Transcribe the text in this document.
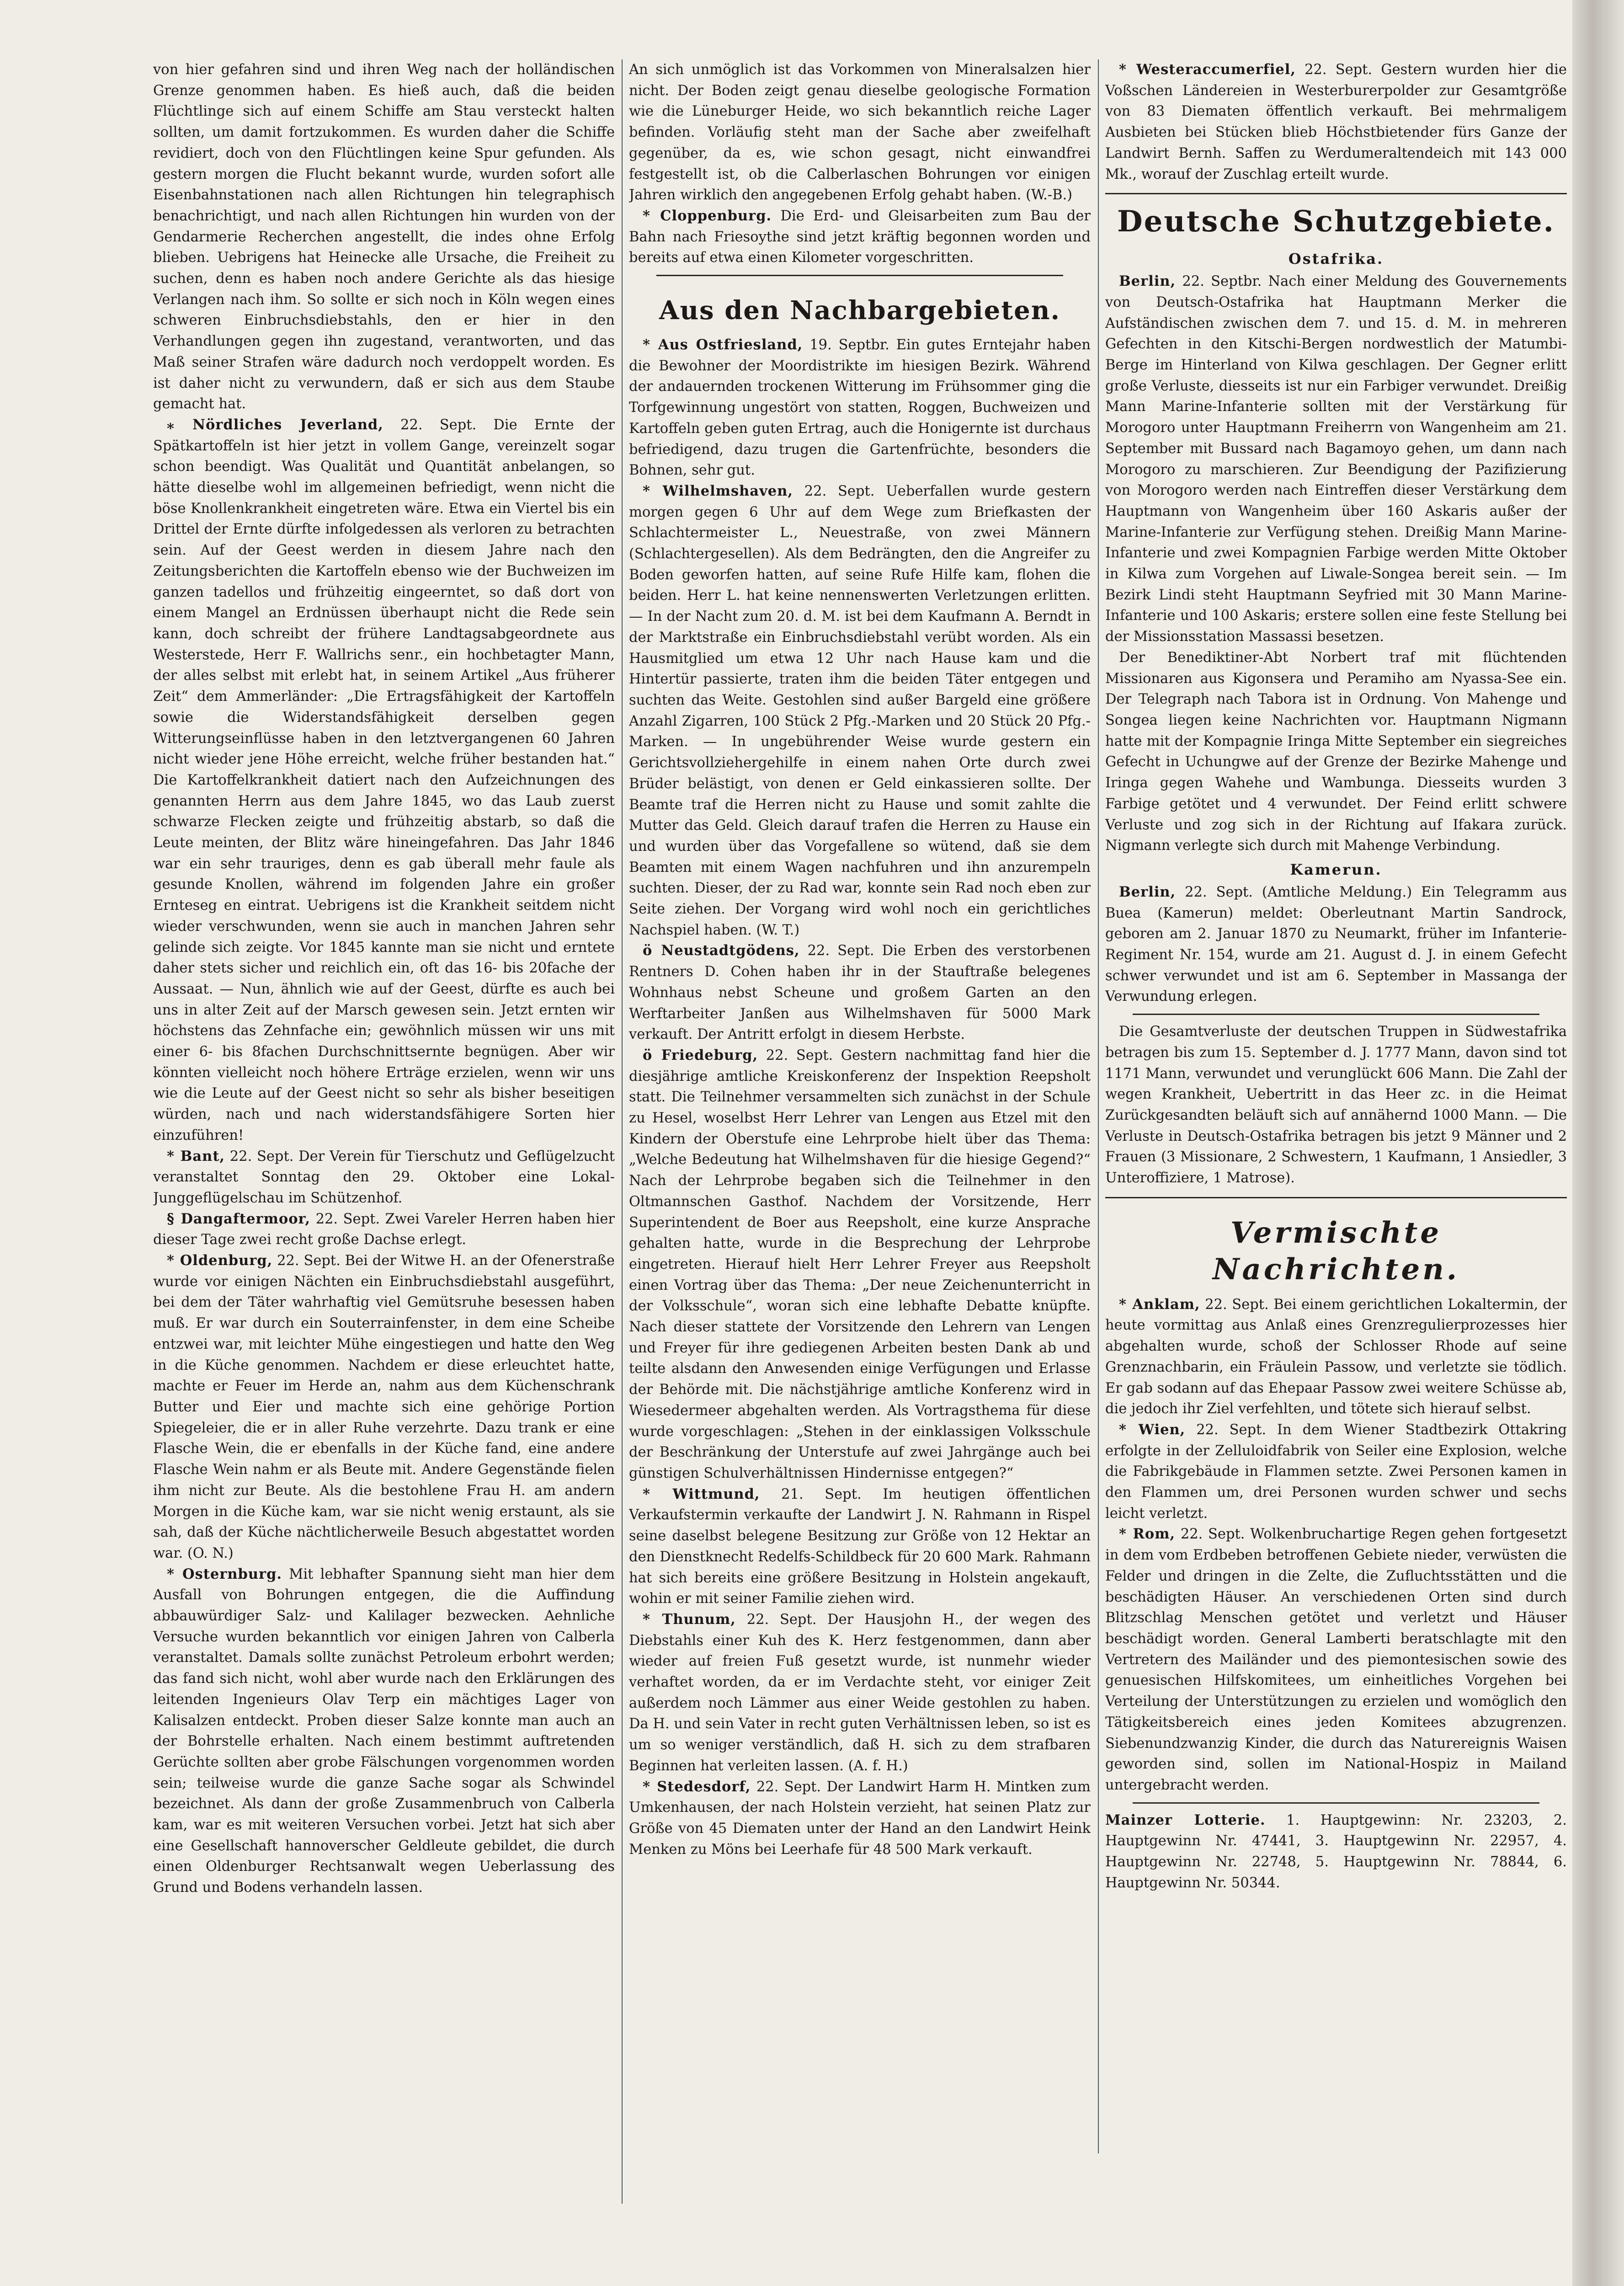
von hier gefahren sind und ihren Weg nach der holländischen Grenze genommen haben. Es hieß auch, daß die beiden Flüchtlinge sich auf einem Schiffe am Stau versteckt halten sollten, um damit fortzukommen. Es wurden daher die Schiffe revidiert, doch von den Flüchtlingen keine Spur gefunden. Als gestern morgen die Flucht bekannt wurde, wurden sofort alle Eisenbahnstationen nach allen Richtungen hin telegraphisch benachrichtigt, und nach allen Richtungen hin wurden von der Gendarmerie Recherchen angestellt, die indes ohne Erfolg blieben. Uebrigens hat Heinecke alle Ursache, die Freiheit zu suchen, denn es haben noch andere Gerichte als das hiesige Verlangen nach ihm. So sollte er sich noch in Köln wegen eines schweren Einbruchsdiebstahls, den er hier in den Verhandlungen gegen ihn zugestand, verantworten, und das Maß seiner Strafen wäre dadurch noch verdoppelt worden. Es ist daher nicht zu verwundern, daß er sich aus dem Staube gemacht hat.

⁎ Nördliches Jeverland, 22. Sept. Die Ernte der Spätkartoffeln ist hier jetzt in vollem Gange, vereinzelt sogar schon beendigt. Was Qualität und Quantität anbelangen, so hätte dieselbe wohl im allgemeinen befriedigt, wenn nicht die böse Knollenkrankheit eingetreten wäre. Etwa ein Viertel bis ein Drittel der Ernte dürfte infolgedessen als verloren zu betrachten sein. Auf der Geest werden in diesem Jahre nach den Zeitungsberichten die Kartoffeln ebenso wie der Buchweizen im ganzen tadellos und frühzeitig eingeerntet, so daß dort von einem Mangel an Erdnüssen überhaupt nicht die Rede sein kann, doch schreibt der frühere Landtagsabgeordnete aus Westerstede, Herr F. Wallrichs senr., ein hochbetagter Mann, der alles selbst mit erlebt hat, in seinem Artikel „Aus früherer Zeit“ dem Ammerländer: „Die Ertragsfähigkeit der Kartoffeln sowie die Widerstandsfähigkeit derselben gegen Witterungseinflüsse haben in den letztvergangenen 60 Jahren nicht wieder jene Höhe erreicht, welche früher bestanden hat.“ Die Kartoffelkrankheit datiert nach den Aufzeichnungen des genannten Herrn aus dem Jahre 1845, wo das Laub zuerst schwarze Flecken zeigte und frühzeitig abstarb, so daß die Leute meinten, der Blitz wäre hineingefahren. Das Jahr 1846 war ein sehr trauriges, denn es gab überall mehr faule als gesunde Knollen, während im folgenden Jahre ein großer Ernteseg en eintrat. Uebrigens ist die Krankheit seitdem nicht wieder verschwunden, wenn sie auch in manchen Jahren sehr gelinde sich zeigte. Vor 1845 kannte man sie nicht und erntete daher stets sicher und reichlich ein, oft das 16- bis 20fache der Aussaat. — Nun, ähnlich wie auf der Geest, dürfte es auch bei uns in alter Zeit auf der Marsch gewesen sein. Jetzt ernten wir höchstens das Zehnfache ein; gewöhnlich müssen wir uns mit einer 6- bis 8fachen Durchschnittsernte begnügen. Aber wir könnten vielleicht noch höhere Erträge erzielen, wenn wir uns wie die Leute auf der Geest nicht so sehr als bisher beseitigen würden, nach und nach widerstandsfähigere Sorten hier einzuführen!

* Bant, 22. Sept. Der Verein für Tierschutz und Geflügelzucht veranstaltet Sonntag den 29. Oktober eine Lokal-Junggeflügelschau im Schützenhof.

§ Dangaftermoor, 22. Sept. Zwei Vareler Herren haben hier dieser Tage zwei recht große Dachse erlegt.

* Oldenburg, 22. Sept. Bei der Witwe H. an der Ofenerstraße wurde vor einigen Nächten ein Einbruchsdiebstahl ausgeführt, bei dem der Täter wahrhaftig viel Gemütsruhe besessen haben muß. Er war durch ein Souterrainfenster, in dem eine Scheibe entzwei war, mit leichter Mühe eingestiegen und hatte den Weg in die Küche genommen. Nachdem er diese erleuchtet hatte, machte er Feuer im Herde an, nahm aus dem Küchenschrank Butter und Eier und machte sich eine gehörige Portion Spiegeleier, die er in aller Ruhe verzehrte. Dazu trank er eine Flasche Wein, die er ebenfalls in der Küche fand, eine andere Flasche Wein nahm er als Beute mit. Andere Gegenstände fielen ihm nicht zur Beute. Als die bestohlene Frau H. am andern Morgen in die Küche kam, war sie nicht wenig erstaunt, als sie sah, daß der Küche nächtlicherweile Besuch abgestattet worden war. (O. N.)

* Osternburg. Mit lebhafter Spannung sieht man hier dem Ausfall von Bohrungen entgegen, die die Auffindung abbauwürdiger Salz- und Kalilager bezwecken. Aehnliche Versuche wurden bekanntlich vor einigen Jahren von Calberla veranstaltet. Damals sollte zunächst Petroleum erbohrt werden; das fand sich nicht, wohl aber wurde nach den Erklärungen des leitenden Ingenieurs Olav Terp ein mächtiges Lager von Kalisalzen entdeckt. Proben dieser Salze konnte man auch an der Bohrstelle erhalten. Nach einem bestimmt auftretenden Gerüchte sollten aber grobe Fälschungen vorgenommen worden sein; teilweise wurde die ganze Sache sogar als Schwindel bezeichnet. Als dann der große Zusammenbruch von Calberla kam, war es mit weiteren Versuchen vorbei. Jetzt hat sich aber eine Gesellschaft hannoverscher Geldleute gebildet, die durch einen Oldenburger Rechtsanwalt wegen Ueberlassung des Grund und Bodens verhandeln lassen.

An sich unmöglich ist das Vorkommen von Mineralsalzen hier nicht. Der Boden zeigt genau dieselbe geologische Formation wie die Lüneburger Heide, wo sich bekanntlich reiche Lager befinden. Vorläufig steht man der Sache aber zweifelhaft gegenüber, da es, wie schon gesagt, nicht einwandfrei festgestellt ist, ob die Calberlaschen Bohrungen vor einigen Jahren wirklich den angegebenen Erfolg gehabt haben. (W.-B.)

* Cloppenburg. Die Erd- und Gleisarbeiten zum Bau der Bahn nach Friesoythe sind jetzt kräftig begonnen worden und bereits auf etwa einen Kilometer vorgeschritten.

Aus den Nachbargebieten.

* Aus Ostfriesland, 19. Septbr. Ein gutes Erntejahr haben die Bewohner der Moordistrikte im hiesigen Bezirk. Während der andauernden trockenen Witterung im Frühsommer ging die Torfgewinnung ungestört von statten, Roggen, Buchweizen und Kartoffeln geben guten Ertrag, auch die Honigernte ist durchaus befriedigend, dazu trugen die Gartenfrüchte, besonders die Bohnen, sehr gut.

* Wilhelmshaven, 22. Sept. Ueberfallen wurde gestern morgen gegen 6 Uhr auf dem Wege zum Briefkasten der Schlachtermeister L., Neuestraße, von zwei Männern (Schlachtergesellen). Als dem Bedrängten, den die Angreifer zu Boden geworfen hatten, auf seine Rufe Hilfe kam, flohen die beiden. Herr L. hat keine nennenswerten Verletzungen erlitten. — In der Nacht zum 20. d. M. ist bei dem Kaufmann A. Berndt in der Marktstraße ein Einbruchsdiebstahl verübt worden. Als ein Hausmitglied um etwa 12 Uhr nach Hause kam und die Hintertür passierte, traten ihm die beiden Täter entgegen und suchten das Weite. Gestohlen sind außer Bargeld eine größere Anzahl Zigarren, 100 Stück 2 Pfg.-Marken und 20 Stück 20 Pfg.-Marken. — In ungebührender Weise wurde gestern ein Gerichtsvollziehergehilfe in einem nahen Orte durch zwei Brüder belästigt, von denen er Geld einkassieren sollte. Der Beamte traf die Herren nicht zu Hause und somit zahlte die Mutter das Geld. Gleich darauf trafen die Herren zu Hause ein und wurden über das Vorgefallene so wütend, daß sie dem Beamten mit einem Wagen nachfuhren und ihn anzurempeln suchten. Dieser, der zu Rad war, konnte sein Rad noch eben zur Seite ziehen. Der Vorgang wird wohl noch ein gerichtliches Nachspiel haben. (W. T.)

ö Neustadtgödens, 22. Sept. Die Erben des verstorbenen Rentners D. Cohen haben ihr in der Stauftraße belegenes Wohnhaus nebst Scheune und großem Garten an den Werftarbeiter Janßen aus Wilhelmshaven für 5000 Mark verkauft. Der Antritt erfolgt in diesem Herbste.

ö Friedeburg, 22. Sept. Gestern nachmittag fand hier die diesjährige amtliche Kreiskonferenz der Inspektion Reepsholt statt. Die Teilnehmer versammelten sich zunächst in der Schule zu Hesel, woselbst Herr Lehrer van Lengen aus Etzel mit den Kindern der Oberstufe eine Lehrprobe hielt über das Thema: „Welche Bedeutung hat Wilhelmshaven für die hiesige Gegend?“ Nach der Lehrprobe begaben sich die Teilnehmer in den Oltmannschen Gasthof. Nachdem der Vorsitzende, Herr Superintendent de Boer aus Reepsholt, eine kurze Ansprache gehalten hatte, wurde in die Besprechung der Lehrprobe eingetreten. Hierauf hielt Herr Lehrer Freyer aus Reepsholt einen Vortrag über das Thema: „Der neue Zeichenunterricht in der Volksschule“, woran sich eine lebhafte Debatte knüpfte. Nach dieser stattete der Vorsitzende den Lehrern van Lengen und Freyer für ihre gediegenen Arbeiten besten Dank ab und teilte alsdann den Anwesenden einige Verfügungen und Erlasse der Behörde mit. Die nächstjährige amtliche Konferenz wird in Wiesedermeer abgehalten werden. Als Vortragsthema für diese wurde vorgeschlagen: „Stehen in der einklassigen Volksschule der Beschränkung der Unterstufe auf zwei Jahrgänge auch bei günstigen Schulverhältnissen Hindernisse entgegen?“

* Wittmund, 21. Sept. Im heutigen öffentlichen Verkaufstermin verkaufte der Landwirt J. N. Rahmann in Rispel seine daselbst belegene Besitzung zur Größe von 12 Hektar an den Dienstknecht Redelfs-Schildbeck für 20 600 Mark. Rahmann hat sich bereits eine größere Besitzung in Holstein angekauft, wohin er mit seiner Familie ziehen wird.

* Thunum, 22. Sept. Der Hausjohn H., der wegen des Diebstahls einer Kuh des K. Herz festgenommen, dann aber wieder auf freien Fuß gesetzt wurde, ist nunmehr wieder verhaftet worden, da er im Verdachte steht, vor einiger Zeit außerdem noch Lämmer aus einer Weide gestohlen zu haben. Da H. und sein Vater in recht guten Verhältnissen leben, so ist es um so weniger verständlich, daß H. sich zu dem strafbaren Beginnen hat verleiten lassen. (A. f. H.)

* Stedesdorf, 22. Sept. Der Landwirt Harm H. Mintken zum Umkenhausen, der nach Holstein verzieht, hat seinen Platz zur Größe von 45 Diematen unter der Hand an den Landwirt Heink Menken zu Möns bei Leerhafe für 48 500 Mark verkauft.

* Westeraccumerfiel, 22. Sept. Gestern wurden hier die Voßschen Ländereien in Westerburerpolder zur Gesamtgröße von 83 Diematen öffentlich verkauft. Bei mehrmaligem Ausbieten bei Stücken blieb Höchstbietender fürs Ganze der Landwirt Bernh. Saffen zu Werdumeraltendeich mit 143 000 Mk., worauf der Zuschlag erteilt wurde.

Deutsche Schutzgebiete.
Ostafrika.

Berlin, 22. Septbr. Nach einer Meldung des Gouvernements von Deutsch-Ostafrika hat Hauptmann Merker die Aufständischen zwischen dem 7. und 15. d. M. in mehreren Gefechten in den Kitschi-Bergen nordwestlich der Matumbi-Berge im Hinterland von Kilwa geschlagen. Der Gegner erlitt große Verluste, diesseits ist nur ein Farbiger verwundet. Dreißig Mann Marine-Infanterie sollten mit der Verstärkung für Morogoro unter Hauptmann Freiherrn von Wangenheim am 21. September mit Bussard nach Bagamoyo gehen, um dann nach Morogoro zu marschieren. Zur Beendigung der Pazifizierung von Morogoro werden nach Eintreffen dieser Verstärkung dem Hauptmann von Wangenheim über 160 Askaris außer der Marine-Infanterie zur Verfügung stehen. Dreißig Mann Marine-Infanterie und zwei Kompagnien Farbige werden Mitte Oktober in Kilwa zum Vorgehen auf Liwale-Songea bereit sein. — Im Bezirk Lindi steht Hauptmann Seyfried mit 30 Mann Marine-Infanterie und 100 Askaris; erstere sollen eine feste Stellung bei der Missionsstation Massassi besetzen.

Der Benediktiner-Abt Norbert traf mit flüchtenden Missionaren aus Kigonsera und Peramiho am Nyassa-See ein. Der Telegraph nach Tabora ist in Ordnung. Von Mahenge und Songea liegen keine Nachrichten vor. Hauptmann Nigmann hatte mit der Kompagnie Iringa Mitte September ein siegreiches Gefecht in Uchungwe auf der Grenze der Bezirke Mahenge und Iringa gegen Wahehe und Wambunga. Diesseits wurden 3 Farbige getötet und 4 verwundet. Der Feind erlitt schwere Verluste und zog sich in der Richtung auf Ifakara zurück. Nigmann verlegte sich durch mit Mahenge Verbindung.

Kamerun.

Berlin, 22. Sept. (Amtliche Meldung.) Ein Telegramm aus Buea (Kamerun) meldet: Oberleutnant Martin Sandrock, geboren am 2. Januar 1870 zu Neumarkt, früher im Infanterie-Regiment Nr. 154, wurde am 21. August d. J. in einem Gefecht schwer verwundet und ist am 6. September in Massanga der Verwundung erlegen.

Die Gesamtverluste der deutschen Truppen in Südwestafrika betragen bis zum 15. September d. J. 1777 Mann, davon sind tot 1171 Mann, verwundet und verunglückt 606 Mann. Die Zahl der wegen Krankheit, Uebertritt in das Heer zc. in die Heimat Zurückgesandten beläuft sich auf annähernd 1000 Mann. — Die Verluste in Deutsch-Ostafrika betragen bis jetzt 9 Männer und 2 Frauen (3 Missionare, 2 Schwestern, 1 Kaufmann, 1 Ansiedler, 3 Unteroffiziere, 1 Matrose).

Vermischte Nachrichten.

* Anklam, 22. Sept. Bei einem gerichtlichen Lokaltermin, der heute vormittag aus Anlaß eines Grenzregulierprozesses hier abgehalten wurde, schoß der Schlosser Rhode auf seine Grenznachbarin, ein Fräulein Passow, und verletzte sie tödlich. Er gab sodann auf das Ehepaar Passow zwei weitere Schüsse ab, die jedoch ihr Ziel verfehlten, und tötete sich hierauf selbst.

* Wien, 22. Sept. In dem Wiener Stadtbezirk Ottakring erfolgte in der Zelluloidfabrik von Seiler eine Explosion, welche die Fabrikgebäude in Flammen setzte. Zwei Personen kamen in den Flammen um, drei Personen wurden schwer und sechs leicht verletzt.

* Rom, 22. Sept. Wolkenbruchartige Regen gehen fortgesetzt in dem vom Erdbeben betroffenen Gebiete nieder, verwüsten die Felder und dringen in die Zelte, die Zufluchtsstätten und die beschädigten Häuser. An verschiedenen Orten sind durch Blitzschlag Menschen getötet und verletzt und Häuser beschädigt worden. General Lamberti beratschlagte mit den Vertretern des Mailänder und des piemontesischen sowie des genuesischen Hilfskomitees, um einheitliches Vorgehen bei Verteilung der Unterstützungen zu erzielen und womöglich den Tätigkeitsbereich eines jeden Komitees abzugrenzen. Siebenundzwanzig Kinder, die durch das Naturereignis Waisen geworden sind, sollen im National-Hospiz in Mailand untergebracht werden.

Mainzer Lotterie. 1. Hauptgewinn: Nr. 23203, 2. Hauptgewinn Nr. 47441, 3. Hauptgewinn Nr. 22957, 4. Hauptgewinn Nr. 22748, 5. Hauptgewinn Nr. 78844, 6. Hauptgewinn Nr. 50344.
